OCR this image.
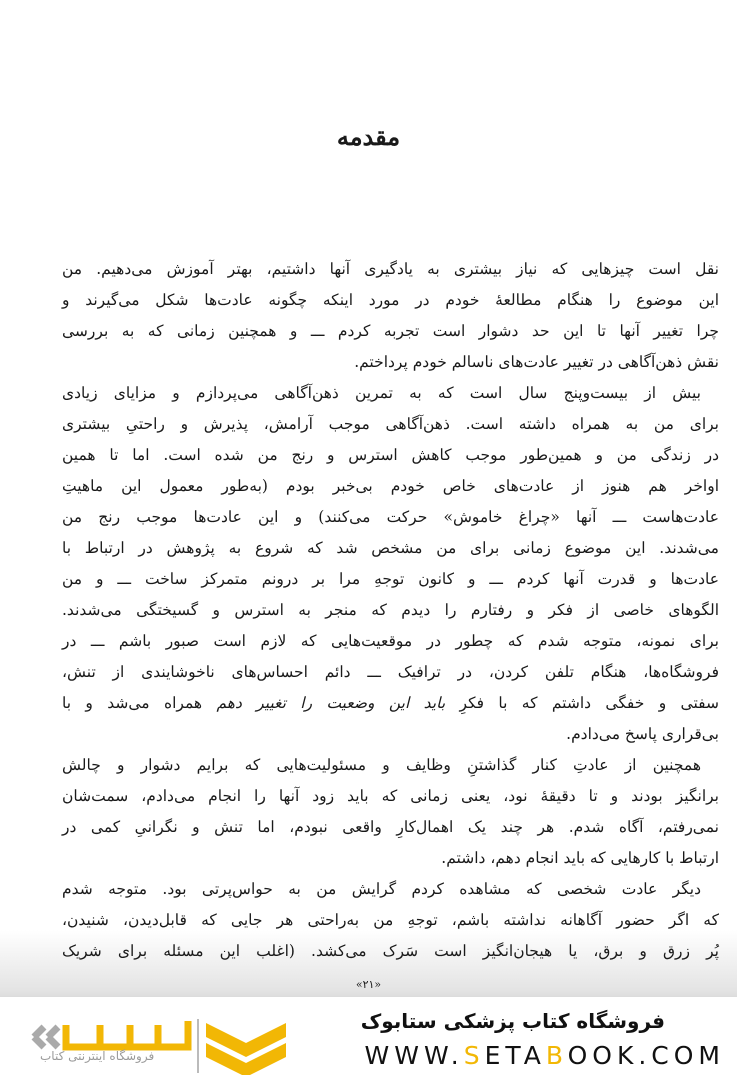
مقدمه
نقل است چیزهایی که نیاز بیشتری به یادگیری آنها داشتیم، بهتر آموزش می‌دهیم. من
این موضوع را هنگام مطالعهٔ خودم در مورد اینکه چگونه عادت‌ها شکل می‌گیرند و
چرا تغییر آنها تا این حد دشوار است تجربه کردم ـــ و همچنین زمانی که به بررسی
نقش ذهن‌آگاهی در تغییر عادت‌های ناسالم خودم پرداختم.
بیش از بیست‌وپنج سال است که به تمرین ذهن‌آگاهی می‌پردازم و مزایای زیادی
برای من به همراه داشته است. ذهن‌آگاهی موجب آرامش، پذیرش و راحتیِ بیشتری
در زندگی من و همین‌طور موجب کاهش استرس و رنج من شده است. اما تا همین
اواخر هم هنوز از عادت‌های خاص خودم بی‌خبر بودم (به‌طور معمول این ماهیتِ
عادت‌هاست ـــ آنها «چراغ خاموش» حرکت می‌کنند) و این عادت‌ها موجب رنج من
می‌شدند. این موضوع زمانی برای من مشخص شد که شروع به پژوهش در ارتباط با
عادت‌ها و قدرت آنها کردم ـــ و کانون توجهِ مرا بر درونم متمرکز ساخت ـــ و من
الگوهای خاصی از فکر و رفتارم را دیدم که منجر به استرس و گسیختگی می‌شدند.
برای نمونه، متوجه شدم که چطور در موقعیت‌هایی که لازم است صبور باشم ـــ در
فروشگاه‌ها، هنگام تلفن کردن، در ترافیک ـــ دائم احساس‌های ناخوشایندی از تنش،
سفتی و خفگی داشتم که با فکرِ باید این وضعیت را تغییر دهم همراه می‌شد و با
بی‌قراری پاسخ می‌دادم.
همچنین از عادتِ کنار گذاشتنِ وظایف و مسئولیت‌هایی که برایم دشوار و چالش
برانگیز بودند و تا دقیقهٔ نود، یعنی زمانی که باید زود آنها را انجام می‌دادم، سمت‌شان
نمی‌رفتم، آگاه شدم. هر چند یک اهمال‌کارِ واقعی نبودم، اما تنش و نگرانیِ کمی در
ارتباط با کارهایی که باید انجام دهم، داشتم.
دیگر عادت شخصی که مشاهده کردم گرایش من به حواس‌پرتی بود. متوجه شدم
که اگر حضور آگاهانه نداشته باشم، توجهِ من به‌راحتی هر جایی که قابل‌دیدن، شنیدن،
پُر زرق و برق، یا هیجان‌انگیز است سَرک می‌کشد. (اغلب این مسئله برای شریک
«۲۱»
فروشگاه اینترنتی کتاب
فروشگاه کتاب پزشکی ستابوک
WWW.SETABOOK.COM
